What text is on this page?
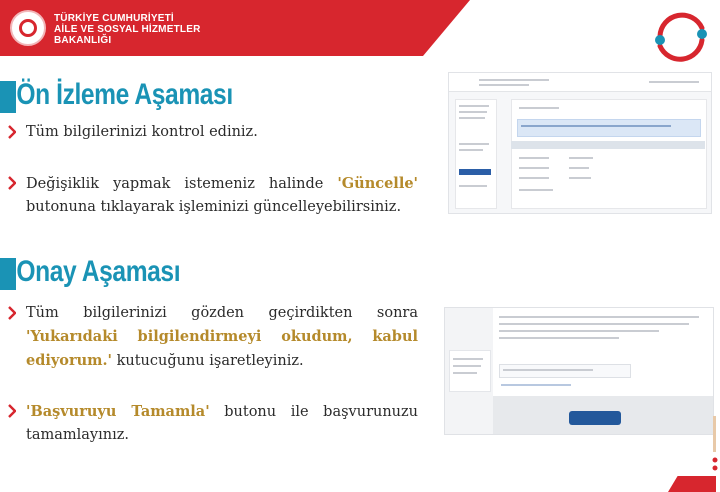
TÜRKİYE CUMHURİYETİ
AİLE VE SOSYAL HİZMETLER
BAKANLIĞI
Ön İzleme Aşaması
Tüm bilgilerinizi kontrol ediniz.
Değişiklik yapmak istemeniz halinde 'Güncelle' butonuna tıklayarak işleminizi güncelleyebilirsiniz.
Onay Aşaması
Tüm bilgilerinizi gözden geçirdikten sonra 'Yukarıdaki bilgilendirmeyi okudum, kabul ediyorum.' kutucuğunu işaretleyiniz.
'Başvuruyu Tamamla' butonu ile başvurunuzu tamamlayınız.
